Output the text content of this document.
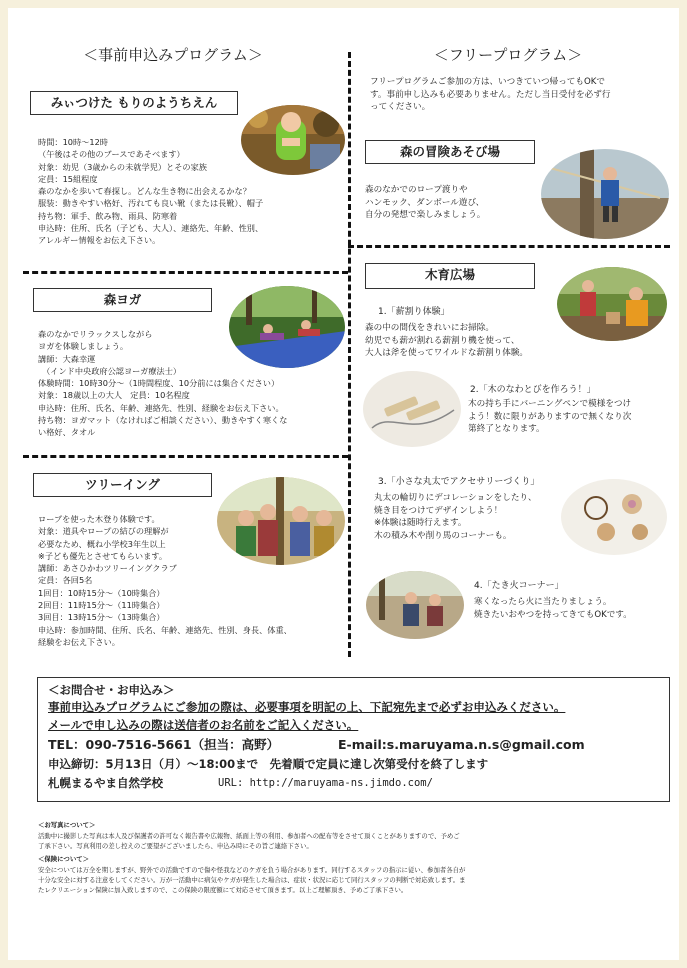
＜事前申込みプログラム＞	＜フリープログラム＞
みぃつけた もりのようちえん
時間：10時〜12時
（午後はその他のブースであそべます）
対象：幼児（3歳からの未就学児）とその家族
定員：15組程度
森のなかを歩いて春探し。どんな生き物に出会えるかな？
服装：動きやすい格好、汚れても良い靴（または長靴）、帽子
持ち物：軍手、飲み物、雨具、防寒着
申込時：住所、氏名（子ども、大人）、連絡先、年齢、性別、
アレルギー情報をお伝え下さい。
森ヨガ
森のなかでリラックスしながら
ヨガを体験しましょう。
講師：大森幸運
　（インド中央政府公認ヨーガ療法士）
体験時間：10時30分〜（1時間程度、10分前には集合ください）
対象：18歳以上の大人　定員：10名程度
申込時：住所、氏名、年齢、連絡先、性別、経験をお伝え下さい。
持ち物：ヨガマット（なければご相談ください）、動きやすく寒くな
い格好、タオル
ツリーイング
ロープを使った木登り体験です。
対象：道具やロープの結びの理解が
必要なため、概ね小学校3年生以上
※子ども優先とさせてもらいます。
講師：あさひかわツリーイングクラブ
定員：各回5名
1回目：10時15分〜（10時集合）
2回目：11時15分〜（11時集合）
3回目：13時15分〜（13時集合）
申込時：参加時間、住所、氏名、年齢、連絡先、性別、身長、体重、
経験をお伝え下さい。
フリープログラムご参加の方は、いつきていつ帰ってもOKで
す。事前申し込みも必要ありません。ただし当日受付を必ず行
ってください。
森の冒険あそび場
森のなかでのロープ渡りや
ハンモック、ダンボール遊び、
自分の発想で楽しみましょう。
木育広場
1.「薪割り体験」
森の中の間伐をきれいにお掃除。
幼児でも薪が割れる薪割り機を使って、
大人は斧を使ってワイルドな薪割り体験。
2.「木のなわとびを作ろう！」
木の持ち手にバーニングペンで模様をつけ
よう！数に限りがありますので無くなり次
第終了となります。
3.「小さな丸太でアクセサリーづくり」
丸太の輪切りにデコレーションをしたり、
焼き目をつけてデザインしよう！
※体験は随時行えます。
木の積み木や削り馬のコーナーも。
4.「たき火コーナー」
寒くなったら火に当たりましょう。
焼きたいおやつを持ってきてもOKです。
＜お問合せ・お申込み＞
事前申込みプログラムにご参加の際は、必要事項を明記の上、下記宛先まで必ずお申込みください。
メールで申し込みの際は送信者のお名前をご記入ください。
TEL：090-7516-5661（担当：高野）	E-mail:s.maruyama.n.s@gmail.com
申込締切：5月13日（月）〜18:00まで　先着順で定員に達し次第受付を終了します
札幌まるやま自然学校	URL: http://maruyama-ns.jimdo.com/
＜お写真について＞
活動中に撮影した写真は本人及び保護者の許可なく報告書や広報物、紙面上等の利用、参加者への配布等をさせて頂くことがありますので、予めご
了承下さい。写真利用の差し控えのご要望がございましたら、申込み時にその旨ご連絡下さい。
＜保険について＞
安全については万全を期しますが、野外での活動ですので傷や怪我などのケガを負う場合があります。同行するスタッフの指示に従い、参加者各自が
十分な安全に対する注意をしてください。万が一活動中に病気やケガが発生した場合は、症状・状況に応じて同行スタッフの判断で対応致します。ま
たレクリエーション保険に加入致しますので、この保険の限度額にて対応させて頂きます。以上ご理解頂き、予めご了承下さい。
